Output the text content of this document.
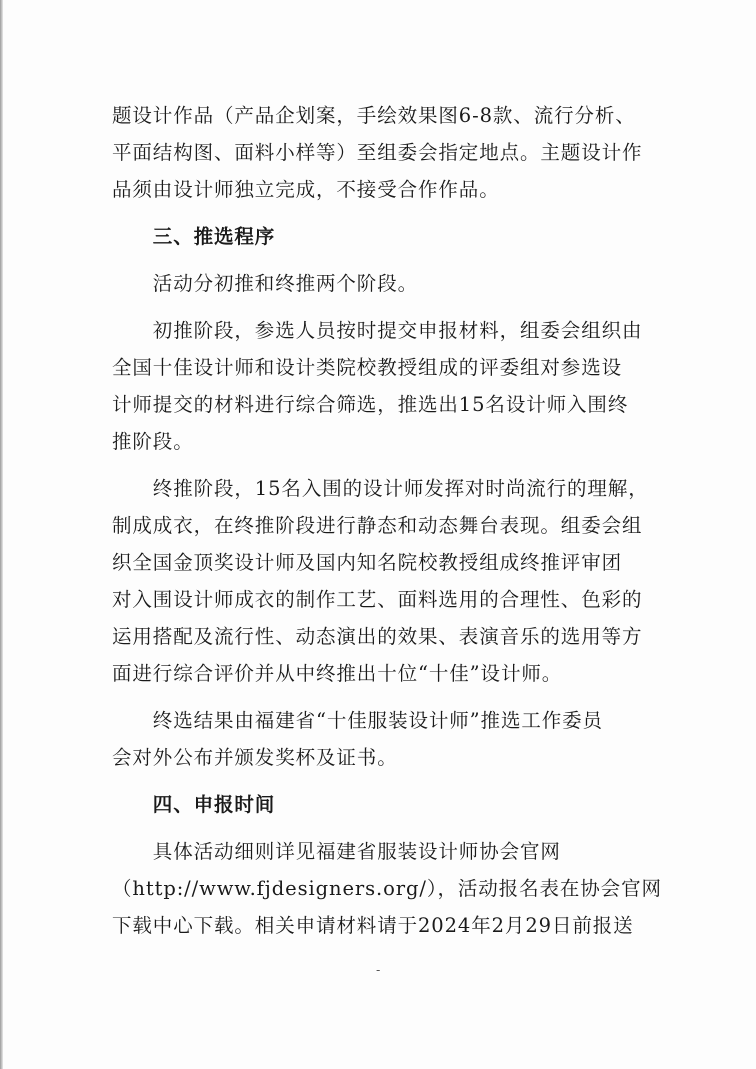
题设计作品（产品企划案，手绘效果图6-8款、流行分析、
平面结构图、面料小样等）至组委会指定地点。主题设计作
品须由设计师独立完成，不接受合作作品。
　　三、推选程序
　　活动分初推和终推两个阶段。
　　初推阶段，参选人员按时提交申报材料，组委会组织由
全国十佳设计师和设计类院校教授组成的评委组对参选设
计师提交的材料进行综合筛选，推选出15名设计师入围终
推阶段。
　　终推阶段，15名入围的设计师发挥对时尚流行的理解，
制成成衣，在终推阶段进行静态和动态舞台表现。组委会组
织全国金顶奖设计师及国内知名院校教授组成终推评审团
对入围设计师成衣的制作工艺、面料选用的合理性、色彩的
运用搭配及流行性、动态演出的效果、表演音乐的选用等方
面进行综合评价并从中终推出十位“十佳”设计师。
　　终选结果由福建省“十佳服装设计师”推选工作委员
会对外公布并颁发奖杯及证书。
　　四、申报时间
　　具体活动细则详见福建省服装设计师协会官网
（http://www.fjdesigners.org/），活动报名表在协会官网
下载中心下载。相关申请材料请于2024年2月29日前报送
-
